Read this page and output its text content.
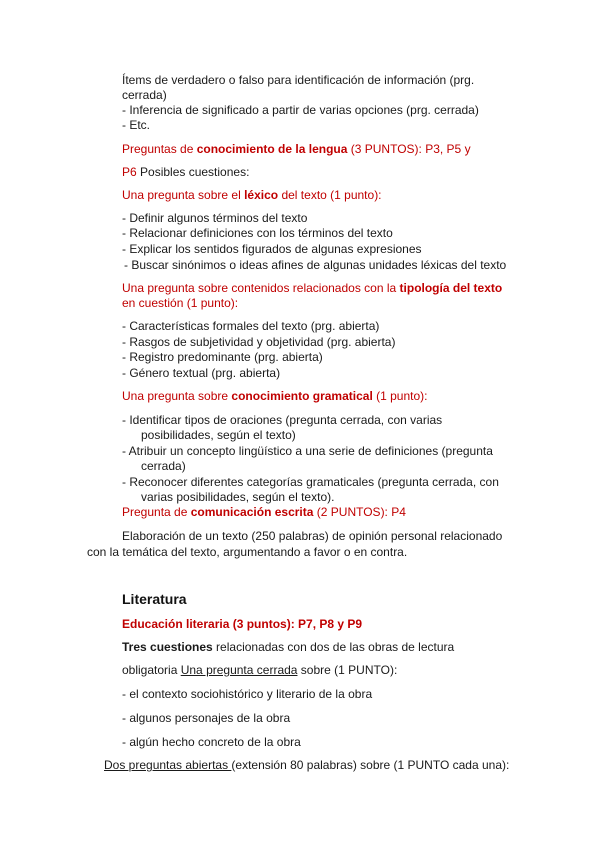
Ítems de verdadero o falso para identificación de información (prg.
cerrada)
- Inferencia de significado a partir de varias opciones (prg. cerrada)
- Etc.
Preguntas de conocimiento de la lengua (3 PUNTOS): P3, P5 y
P6 Posibles cuestiones:
Una pregunta sobre el léxico del texto (1 punto):
- Definir algunos términos del texto
- Relacionar definiciones con los términos del texto
- Explicar los sentidos figurados de algunas expresiones
- Buscar sinónimos o ideas afines de algunas unidades léxicas del texto
Una pregunta sobre contenidos relacionados con la tipología del texto
en cuestión (1 punto):
- Características formales del texto (prg. abierta)
- Rasgos de subjetividad y objetividad (prg. abierta)
- Registro predominante (prg. abierta)
- Género textual (prg. abierta)
Una pregunta sobre conocimiento gramatical (1 punto):
- Identificar tipos de oraciones (pregunta cerrada, con varias
posibilidades, según el texto)
- Atribuir un concepto lingüístico a una serie de definiciones (pregunta
cerrada)
- Reconocer diferentes categorías gramaticales (pregunta cerrada, con
varias posibilidades, según el texto).
Pregunta de comunicación escrita (2 PUNTOS): P4
Elaboración de un texto (250 palabras) de opinión personal relacionado
con la temática del texto, argumentando a favor o en contra.
Literatura
Educación literaria (3 puntos): P7, P8 y P9
Tres cuestiones relacionadas con dos de las obras de lectura
obligatoria Una pregunta cerrada sobre (1 PUNTO):
- el contexto sociohistórico y literario de la obra
- algunos personajes de la obra
- algún hecho concreto de la obra
Dos preguntas abiertas (extensión 80 palabras) sobre (1 PUNTO cada una):
